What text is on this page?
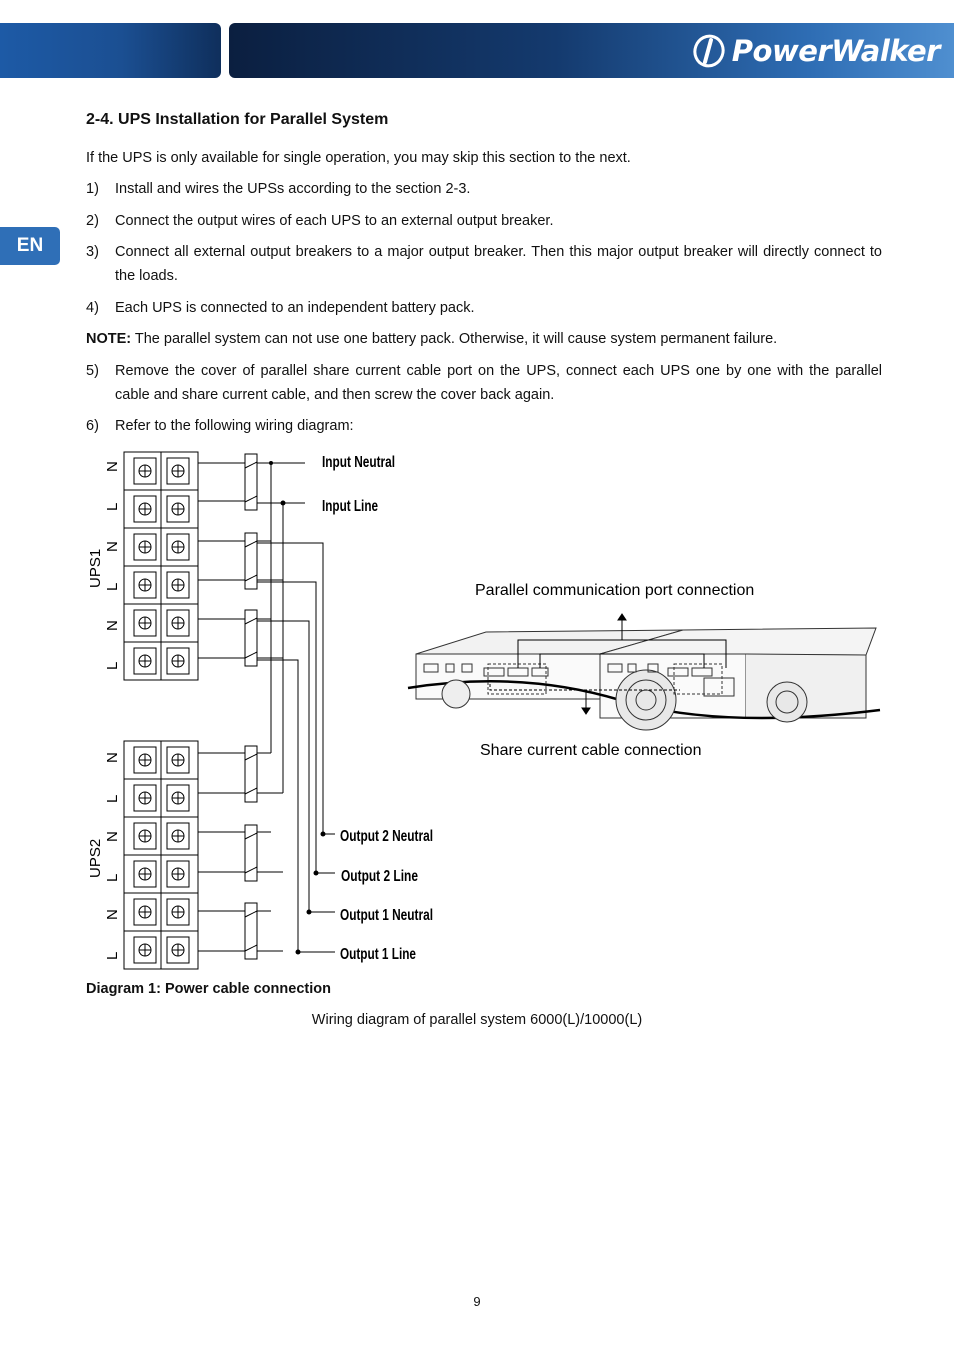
PowerWalker
EN
2-4. UPS Installation for Parallel System

If the UPS is only available for single operation, you may skip this section to the next.

1) Install and wires the UPSs according to the section 2-3.
2) Connect the output wires of each UPS to an external output breaker.
3) Connect all external output breakers to a major output breaker. Then this major output breaker will directly connect to the loads.
4) Each UPS is connected to an independent battery pack.

NOTE: The parallel system can not use one battery pack. Otherwise, it will cause system permanent failure.

5) Remove the cover of parallel share current cable port on the UPS, connect each UPS one by one with the parallel cable and share current cable, and then screw the cover back again.
6) Refer to the following wiring diagram:
N
L
N
L
N
L
N
L
N
L
N
L
UPS1
UPS2
Input Neutral
Input Line
Output 2 Neutral
Output 2 Line
Output 1 Neutral
Output 1 Line
Parallel communication port connection
Share current cable connection
Diagram 1: Power cable connection
Wiring diagram of parallel system 6000(L)/10000(L)
9
